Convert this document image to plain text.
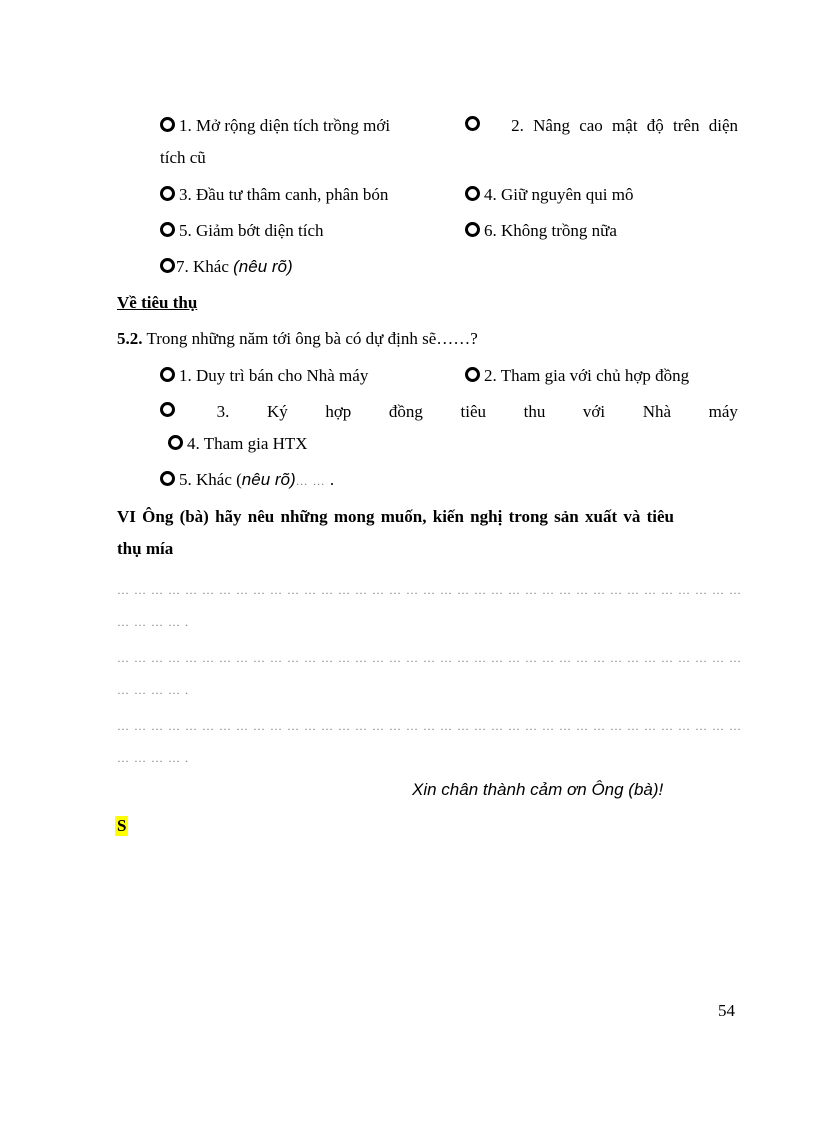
1. Mở rộng diện tích trồng mới	2. Nâng cao mật độ trên diện
tích cũ
3. Đầu tư thâm canh, phân bón	4. Giữ nguyên qui mô
5. Giảm bớt diện tích	6. Không trồng nữa
7. Khác (nêu rõ)
Về tiêu thụ
5.2. Trong những năm tới ông bà có dự định sẽ……?
1. Duy trì bán cho Nhà máy	2. Tham gia với chủ hợp đồng
3. Ký hợp đồng tiêu thu với Nhà máy
4. Tham gia HTX
5. Khác (nêu rõ)… … .
VI Ông (bà) hãy nêu những mong muốn, kiến nghị trong sản xuất và tiêu
thụ mía
… … … … … … … … … … … … … … … … … … … … … … … … … … … … … … … … … … … … …
… … … … .
… … … … … … … … … … … … … … … … … … … … … … … … … … … … … … … … … … … … …
… … … … .
… … … … … … … … … … … … … … … … … … … … … … … … … … … … … … … … … … … … …
… … … … .
Xin chân thành cảm ơn Ông (bà)!
S
54
